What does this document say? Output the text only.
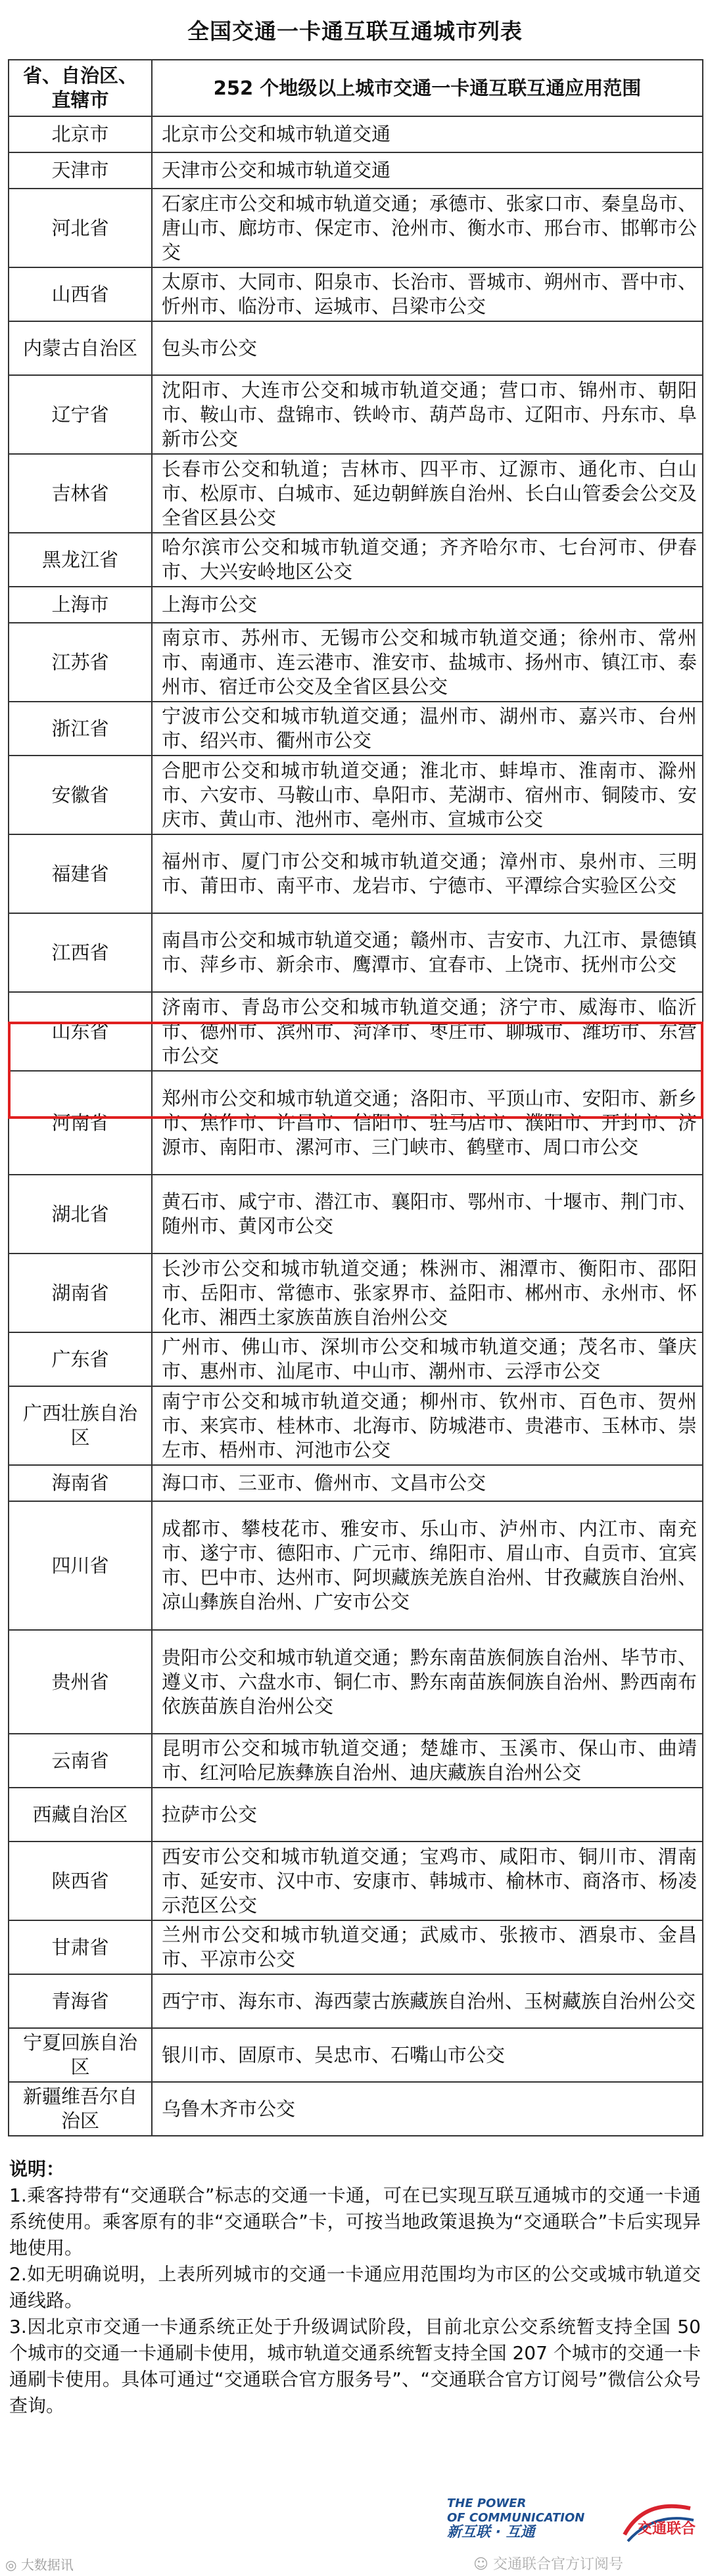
全国交通一卡通互联互通城市列表
省、自治区、直辖市	252 个地级以上城市交通一卡通互联互通应用范围
北京市	北京市公交和城市轨道交通
天津市	天津市公交和城市轨道交通
河北省	石家庄市公交和城市轨道交通；承德市、张家口市、秦皇岛市、唐山市、廊坊市、保定市、沧州市、衡水市、邢台市、邯郸市公交
山西省	太原市、大同市、阳泉市、长治市、晋城市、朔州市、晋中市、忻州市、临汾市、运城市、吕梁市公交
内蒙古自治区	包头市公交
辽宁省	沈阳市、大连市公交和城市轨道交通；营口市、锦州市、朝阳市、鞍山市、盘锦市、铁岭市、葫芦岛市、辽阳市、丹东市、阜新市公交
吉林省	长春市公交和轨道；吉林市、四平市、辽源市、通化市、白山市、松原市、白城市、延边朝鲜族自治州、长白山管委会公交及全省区县公交
黑龙江省	哈尔滨市公交和城市轨道交通；齐齐哈尔市、七台河市、伊春市、大兴安岭地区公交
上海市	上海市公交
江苏省	南京市、苏州市、无锡市公交和城市轨道交通；徐州市、常州市、南通市、连云港市、淮安市、盐城市、扬州市、镇江市、泰州市、宿迁市公交及全省区县公交
浙江省	宁波市公交和城市轨道交通；温州市、湖州市、嘉兴市、台州市、绍兴市、衢州市公交
安徽省	合肥市公交和城市轨道交通；淮北市、蚌埠市、淮南市、滁州市、六安市、马鞍山市、阜阳市、芜湖市、宿州市、铜陵市、安庆市、黄山市、池州市、亳州市、宣城市公交
福建省	福州市、厦门市公交和城市轨道交通；漳州市、泉州市、三明市、莆田市、南平市、龙岩市、宁德市、平潭综合实验区公交
江西省	南昌市公交和城市轨道交通；赣州市、吉安市、九江市、景德镇市、萍乡市、新余市、鹰潭市、宜春市、上饶市、抚州市公交
山东省	济南市、青岛市公交和城市轨道交通；济宁市、威海市、临沂市、德州市、滨州市、菏泽市、枣庄市、聊城市、潍坊市、东营市公交
河南省	郑州市公交和城市轨道交通；洛阳市、平顶山市、安阳市、新乡市、焦作市、许昌市、信阳市、驻马店市、濮阳市、开封市、济源市、南阳市、漯河市、三门峡市、鹤壁市、周口市公交
湖北省	黄石市、咸宁市、潜江市、襄阳市、鄂州市、十堰市、荆门市、随州市、黄冈市公交
湖南省	长沙市公交和城市轨道交通；株洲市、湘潭市、衡阳市、邵阳市、岳阳市、常德市、张家界市、益阳市、郴州市、永州市、怀化市、湘西土家族苗族自治州公交
广东省	广州市、佛山市、深圳市公交和城市轨道交通；茂名市、肇庆市、惠州市、汕尾市、中山市、潮州市、云浮市公交
广西壮族自治区	南宁市公交和城市轨道交通；柳州市、钦州市、百色市、贺州市、来宾市、桂林市、北海市、防城港市、贵港市、玉林市、崇左市、梧州市、河池市公交
海南省	海口市、三亚市、儋州市、文昌市公交
四川省	成都市、攀枝花市、雅安市、乐山市、泸州市、内江市、南充市、遂宁市、德阳市、广元市、绵阳市、眉山市、自贡市、宜宾市、巴中市、达州市、阿坝藏族羌族自治州、甘孜藏族自治州、凉山彝族自治州、广安市公交
贵州省	贵阳市公交和城市轨道交通；黔东南苗族侗族自治州、毕节市、遵义市、六盘水市、铜仁市、黔东南苗族侗族自治州、黔西南布依族苗族自治州公交
云南省	昆明市公交和城市轨道交通；楚雄市、玉溪市、保山市、曲靖市、红河哈尼族彝族自治州、迪庆藏族自治州公交
西藏自治区	拉萨市公交
陕西省	西安市公交和城市轨道交通；宝鸡市、咸阳市、铜川市、渭南市、延安市、汉中市、安康市、韩城市、榆林市、商洛市、杨凌示范区公交
甘肃省	兰州市公交和城市轨道交通；武威市、张掖市、酒泉市、金昌市、平凉市公交
青海省	西宁市、海东市、海西蒙古族藏族自治州、玉树藏族自治州公交
宁夏回族自治区	银川市、固原市、吴忠市、石嘴山市公交
新疆维吾尔自治区	乌鲁木齐市公交
说明：

1.乘客持带有“交通联合”标志的交通一卡通，可在已实现互联互通城市的交通一卡通系统使用。乘客原有的非“交通联合”卡，可按当地政策退换为“交通联合”卡后实现异地使用。

2.如无明确说明，上表所列城市的交通一卡通应用范围均为市区的公交或城市轨道交通线路。

3.因北京市交通一卡通系统正处于升级调试阶段，目前北京公交系统暂支持全国 50 个城市的交通一卡通刷卡使用，城市轨道交通系统暂支持全国 207 个城市的交通一卡通刷卡使用。具体可通过“交通联合官方服务号”、“交通联合官方订阅号”微信公众号查询。

THE POWER
OF COMMUNICATION
新互联 · 互通	交通联合
◎ 大数据讯	☺ 交通联合官方订阅号
